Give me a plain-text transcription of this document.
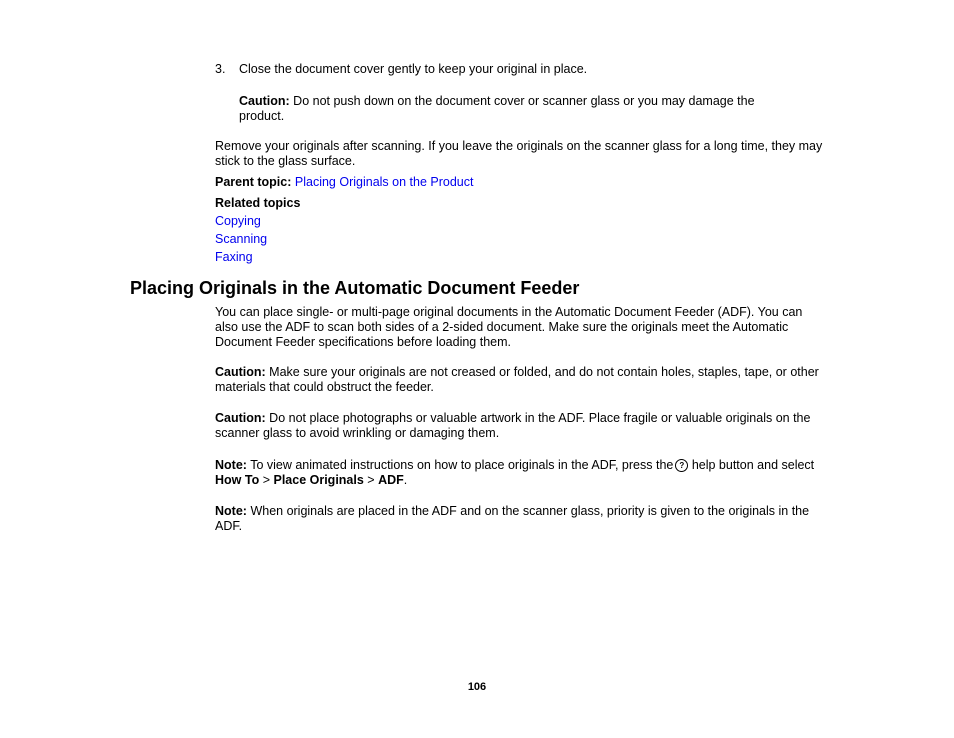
3. Close the document cover gently to keep your original in place.

Caution: Do not push down on the document cover or scanner glass or you may damage the product.

Remove your originals after scanning. If you leave the originals on the scanner glass for a long time, they may stick to the glass surface.

Parent topic: Placing Originals on the Product

Related topics

Copying
Scanning
Faxing
Placing Originals in the Automatic Document Feeder

You can place single- or multi-page original documents in the Automatic Document Feeder (ADF). You can also use the ADF to scan both sides of a 2-sided document. Make sure the originals meet the Automatic Document Feeder specifications before loading them.

Caution: Make sure your originals are not creased or folded, and do not contain holes, staples, tape, or other materials that could obstruct the feeder.

Caution: Do not place photographs or valuable artwork in the ADF. Place fragile or valuable originals on the scanner glass to avoid wrinkling or damaging them.

Note: To view animated instructions on how to place originals in the ADF, press the ? help button and select How To > Place Originals > ADF.

Note: When originals are placed in the ADF and on the scanner glass, priority is given to the originals in the ADF.

106
